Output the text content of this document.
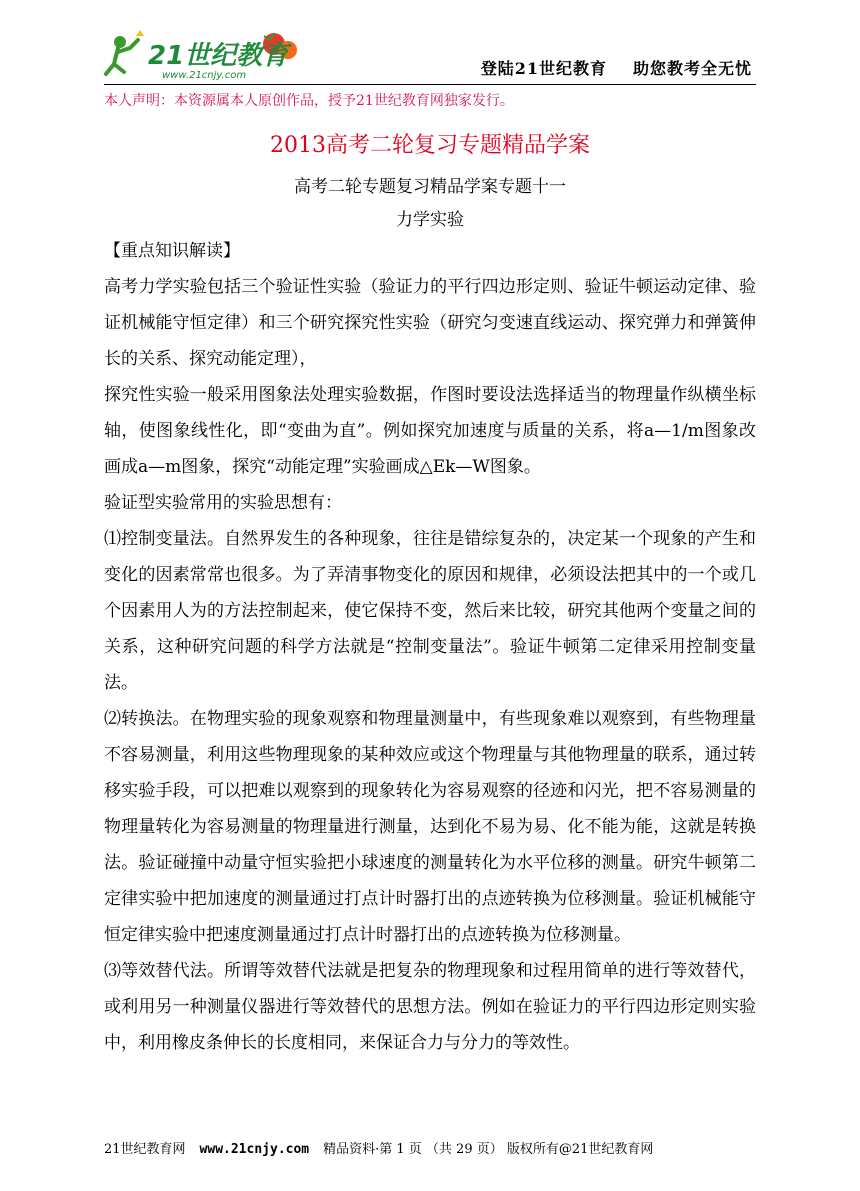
21世纪教育
www.21cnjy.com	登陆21世纪教育 助您教考全无忧
本人声明：本资源属本人原创作品，授予21世纪教育网独家发行。
2013高考二轮复习专题精品学案
高考二轮专题复习精品学案专题十一
力学实验

【重点知识解读】

高考力学实验包括三个验证性实验（验证力的平行四边形定则、验证牛顿运动定律、验证机械能守恒定律）和三个研究探究性实验（研究匀变速直线运动、探究弹力和弹簧伸长的关系、探究动能定理），

探究性实验一般采用图象法处理实验数据，作图时要设法选择适当的物理量作纵横坐标轴，使图象线性化，即“变曲为直”。例如探究加速度与质量的关系，将a—1/m图象改画成a—m图象，探究“动能定理”实验画成△Ek—W图象。

验证型实验常用的实验思想有：

⑴控制变量法。自然界发生的各种现象，往往是错综复杂的，决定某一个现象的产生和变化的因素常常也很多。为了弄清事物变化的原因和规律，必须设法把其中的一个或几个因素用人为的方法控制起来，使它保持不变，然后来比较，研究其他两个变量之间的关系，这种研究问题的科学方法就是“控制变量法”。验证牛顿第二定律采用控制变量法。

⑵转换法。在物理实验的现象观察和物理量测量中，有些现象难以观察到，有些物理量不容易测量，利用这些物理现象的某种效应或这个物理量与其他物理量的联系，通过转移实验手段，可以把难以观察到的现象转化为容易观察的径迹和闪光，把不容易测量的物理量转化为容易测量的物理量进行测量，达到化不易为易、化不能为能，这就是转换法。验证碰撞中动量守恒实验把小球速度的测量转化为水平位移的测量。研究牛顿第二定律实验中把加速度的测量通过打点计时器打出的点迹转换为位移测量。验证机械能守恒定律实验中把速度测量通过打点计时器打出的点迹转换为位移测量。

⑶等效替代法。所谓等效替代法就是把复杂的物理现象和过程用简单的进行等效替代，或利用另一种测量仪器进行等效替代的思想方法。例如在验证力的平行四边形定则实验中，利用橡皮条伸长的长度相同，来保证合力与分力的等效性。

21世纪教育网 www.21cnjy.com 精品资料·第 1 页 （共 29 页） 版权所有@21世纪教育网
